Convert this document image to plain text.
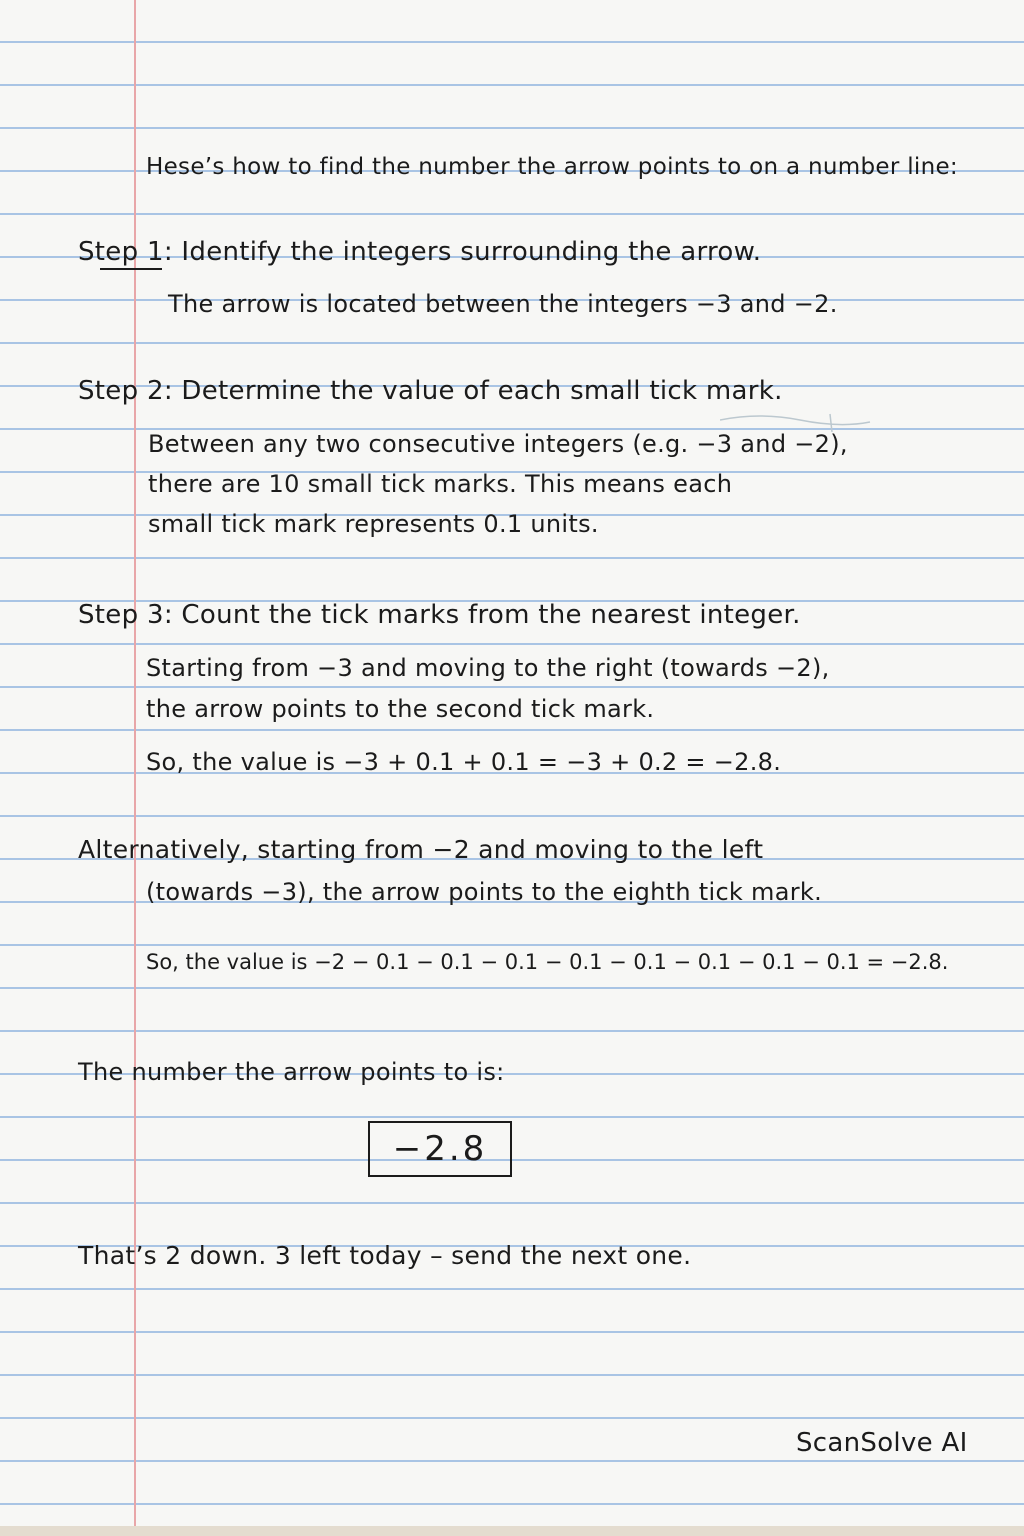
Hese’s how to find the number the arrow points to on a number line:
Step 1: Identify the integers surrounding the arrow.
The arrow is located between the integers −3 and −2.
Step 2: Determine the value of each small tick mark.
Between any two consecutive integers (e.g. −3 and −2),
there are 10 small tick marks. This means each
small tick mark represents 0.1 units.
Step 3: Count the tick marks from the nearest integer.
Starting from −3 and moving to the right (towards −2),
the arrow points to the second tick mark.
So, the value is −3 + 0.1 + 0.1 = −3 + 0.2 = −2.8.
Alternatively, starting from −2 and moving to the left
(towards −3), the arrow points to the eighth tick mark.
So, the value is −2 − 0.1 − 0.1 − 0.1 − 0.1 − 0.1 − 0.1 − 0.1 − 0.1 = −2.8.
The number the arrow points to is:
−2.8
That’s 2 down. 3 left today – send the next one.
ScanSolve AI
